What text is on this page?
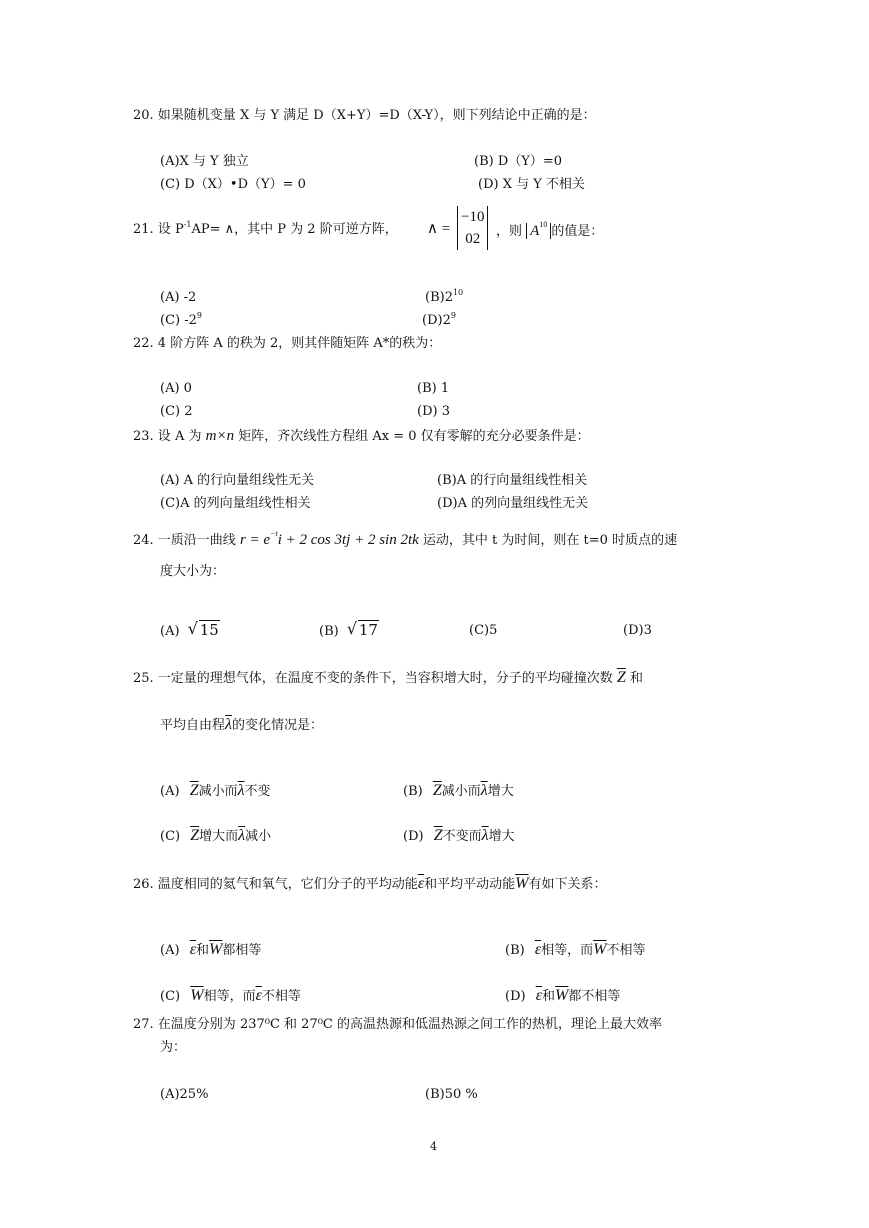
20. 如果随机变量 X 与 Y 满足 D（X+Y）=D（X-Y），则下列结论中正确的是：
(A)X 与 Y 独立	(B) D（Y）=0
(C) D（X）•D（Y）= 0	(D) X 与 Y 不相关
21. 设 $P^{-1}AP=$ ∧，其中 P 为 2 阶可逆方阵， ∧ =
−10
02	，则 $A^{10}$ 的值是：
(A) -2	$(B)2^{10}$
(C) $-2^9$	$(D)2^9$
22. 4 阶方阵 A 的秩为 2，则其伴随矩阵 A*的秩为：
(A) 0	(B) 1
(C) 2	(D) 3
23. 设 A 为 m×n 矩阵，齐次线性方程组 Ax = 0 仅有零解的充分必要条件是：
(A) A 的行向量组线性无关	(B)A 的行向量组线性相关
(C)A 的列向量组线性相关	(D)A 的列向量组线性无关
24. 一质沿一曲线 $r = e^{-t}i + 2$ cos 3tj + 2 sin 2tk 运动，其中 t 为时间，则在 t=0 时质点的速
度大小为：
(A) √ 15	(B) √ 17	(C)5	(D)3
25. 一定量的理想气体，在温度不变的条件下，当容积增大时，分子的平均碰撞次数 $\overline{Z}$ 和
平均自由程$\overline{\lambda}$的变化情况是：
(A) $\overline{Z}$减小而$\overline{\lambda}$不变	(B) $\overline{Z}$减小而$\overline{\lambda}$增大
(C) $\overline{Z}$增大而$\overline{\lambda}$减小	(D) $\overline{Z}$不变而$\overline{\lambda}$增大
26. 温度相同的氦气和氧气，它们分子的平均动能$\overline{\varepsilon}$和平均平动动能$\overline{W}$有如下关系：
(A) $\overline{\varepsilon}$和$\overline{W}$都相等	(B) $\overline{\varepsilon}$相等，而$\overline{W}$不相等
(C) $\overline{W}$相等，而$\overline{\varepsilon}$不相等	(D) $\overline{\varepsilon}$和$\overline{W}$都不相等
27. 在温度分别为 237⁰C 和 27⁰C 的高温热源和低温热源之间工作的热机，理论上最大效率
为：
(A)25%	(B)50 %
4
